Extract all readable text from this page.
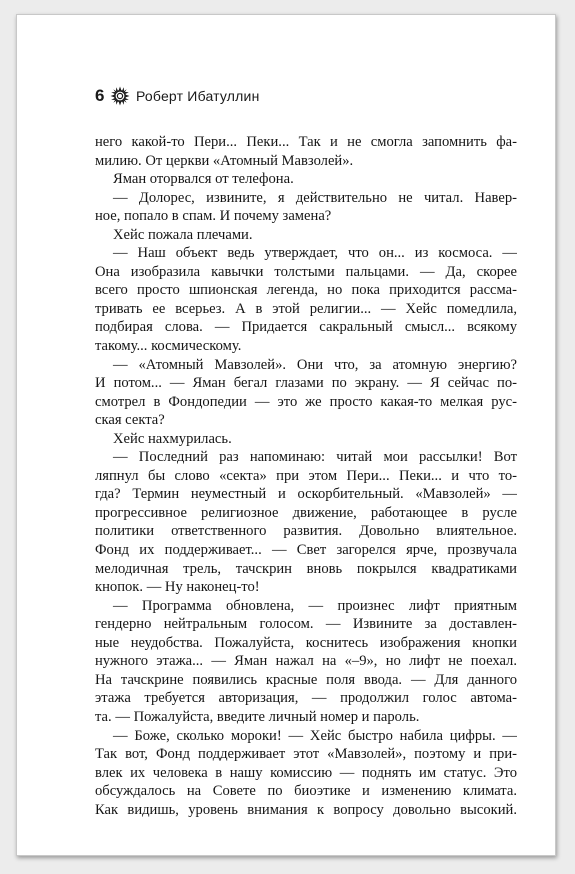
6 Роберт Ибатуллин
него какой-то Пери... Пеки... Так и не смогла запомнить фа-
милию. От церкви «Атомный Мавзолей».
Яман оторвался от телефона.
— Долорес, извините, я действительно не читал. Навер-
ное, попало в спам. И почему замена?
Хейс пожала плечами.
— Наш объект ведь утверждает, что он... из космоса. —
Она изобразила кавычки толстыми пальцами. — Да, скорее
всего просто шпионская легенда, но пока приходится рассма-
тривать ее всерьез. А в этой религии... — Хейс помедлила,
подбирая слова. — Придается сакральный смысл... всякому
такому... космическому.
— «Атомный Мавзолей». Они что, за атомную энергию?
И потом... — Яман бегал глазами по экрану. — Я сейчас по-
смотрел в Фондопедии — это же просто какая-то мелкая рус-
ская секта?
Хейс нахмурилась.
— Последний раз напоминаю: читай мои рассылки! Вот
ляпнул бы слово «секта» при этом Пери... Пеки... и что то-
гда? Термин неуместный и оскорбительный. «Мавзолей» —
прогрессивное религиозное движение, работающее в русле
политики ответственного развития. Довольно влиятельное.
Фонд их поддерживает... — Свет загорелся ярче, прозвучала
мелодичная трель, тачскрин вновь покрылся квадратиками
кнопок. — Ну наконец-то!
— Программа обновлена, — произнес лифт приятным
гендерно нейтральным голосом. — Извините за доставлен-
ные неудобства. Пожалуйста, коснитесь изображения кнопки
нужного этажа... — Яман нажал на «–9», но лифт не поехал.
На тачскрине появились красные поля ввода. — Для данного
этажа требуется авторизация, — продолжил голос автома-
та. — Пожалуйста, введите личный номер и пароль.
— Боже, сколько мороки! — Хейс быстро набила цифры. —
Так вот, Фонд поддерживает этот «Мавзолей», поэтому и при-
влек их человека в нашу комиссию — поднять им статус. Это
обсуждалось на Совете по биоэтике и изменению климата.
Как видишь, уровень внимания к вопросу довольно высокий.
